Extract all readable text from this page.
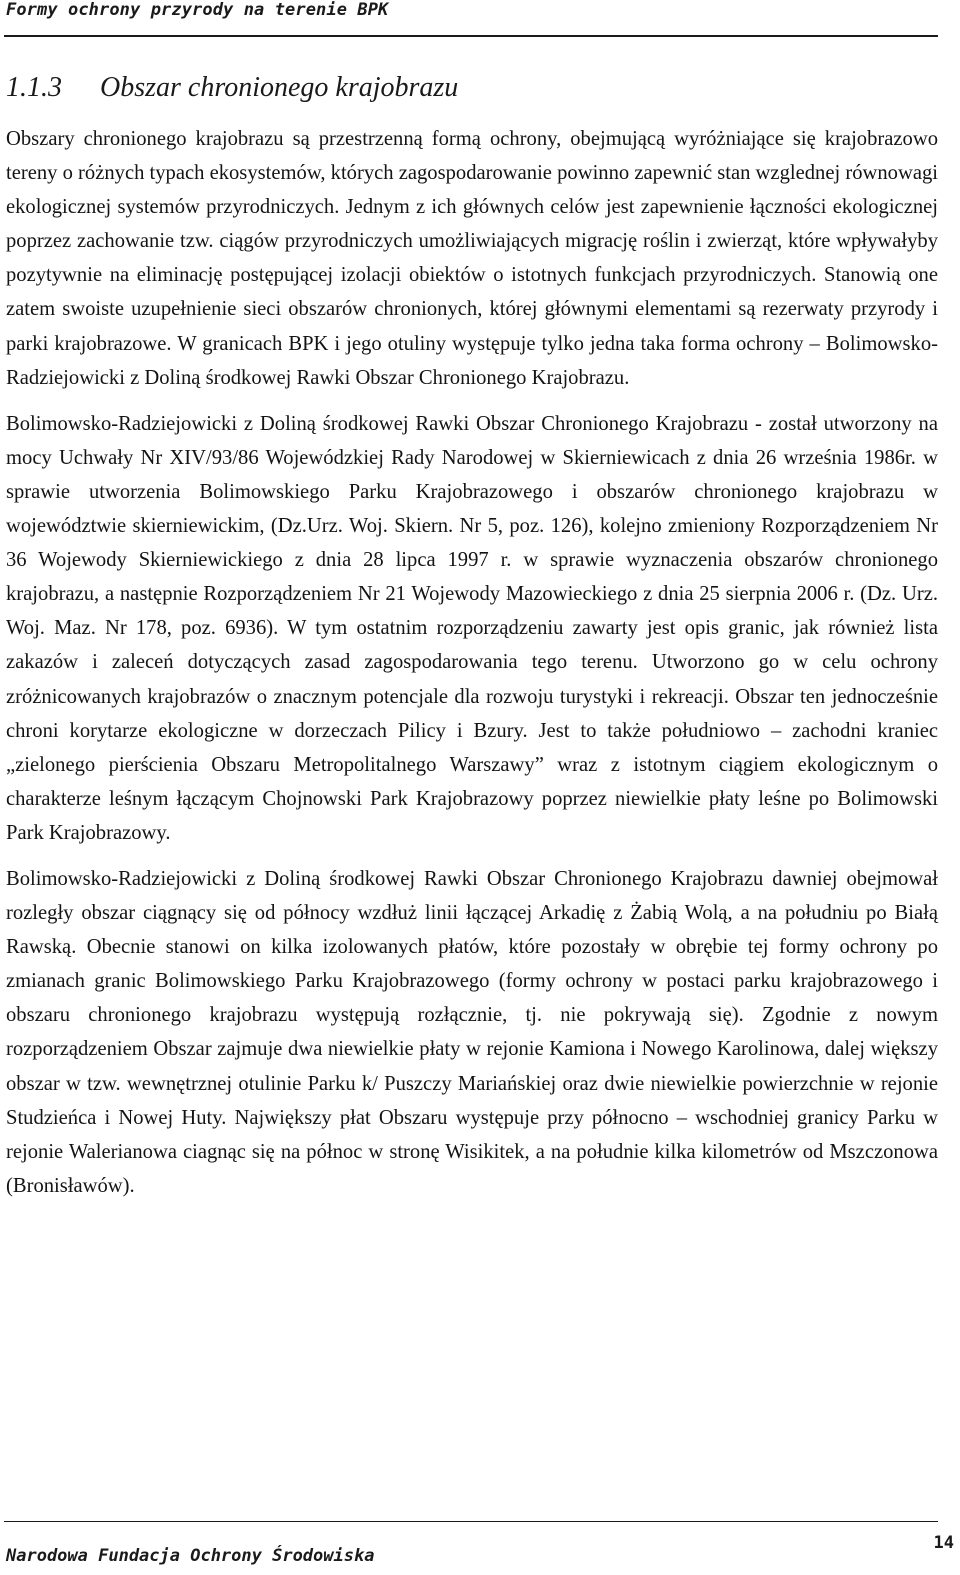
Formy ochrony przyrody na terenie BPK
1.1.3 Obszar chronionego krajobrazu

Obszary chronionego krajobrazu są przestrzenną formą ochrony, obejmującą wyróżniające się krajobrazowo tereny o różnych typach ekosystemów, których zagospodarowanie powinno zapewnić stan wzglednej równowagi ekologicznej systemów przyrodniczych. Jednym z ich głównych celów jest zapewnienie łączności ekologicznej poprzez zachowanie tzw. ciągów przyrodniczych umożliwiających migrację roślin i zwierząt, które wpływałyby pozytywnie na eliminację postępującej izolacji obiektów o istotnych funkcjach przyrodniczych. Stanowią one zatem swoiste uzupełnienie sieci obszarów chronionych, której głównymi elementami są rezerwaty przyrody i parki krajobrazowe. W granicach BPK i jego otuliny występuje tylko jedna taka forma ochrony – Bolimowsko-Radziejowicki z Doliną środkowej Rawki Obszar Chronionego Krajobrazu.

Bolimowsko-Radziejowicki z Doliną środkowej Rawki Obszar Chronionego Krajobrazu - został utworzony na mocy Uchwały Nr XIV/93/86 Wojewódzkiej Rady Narodowej w Skierniewicach z dnia 26 września 1986r. w sprawie utworzenia Bolimowskiego Parku Krajobrazowego i obszarów chronionego krajobrazu w województwie skierniewickim, (Dz.Urz. Woj. Skiern. Nr 5, poz. 126), kolejno zmieniony Rozporządzeniem Nr 36 Wojewody Skierniewickiego z dnia 28 lipca 1997 r. w sprawie wyznaczenia obszarów chronionego krajobrazu, a następnie Rozporządzeniem Nr 21 Wojewody Mazowieckiego z dnia 25 sierpnia 2006 r. (Dz. Urz. Woj. Maz. Nr 178, poz. 6936). W tym ostatnim rozporządzeniu zawarty jest opis granic, jak również lista zakazów i zaleceń dotyczących zasad zagospodarowania tego terenu. Utworzono go w celu ochrony zróżnicowanych krajobrazów o znacznym potencjale dla rozwoju turystyki i rekreacji. Obszar ten jednocześnie chroni korytarze ekologiczne w dorzeczach Pilicy i Bzury. Jest to także południowo – zachodni kraniec „zielonego pierścienia Obszaru Metropolitalnego Warszawy” wraz z istotnym ciągiem ekologicznym o charakterze leśnym łączącym Chojnowski Park Krajobrazowy poprzez niewielkie płaty leśne po Bolimowski Park Krajobrazowy.

Bolimowsko-Radziejowicki z Doliną środkowej Rawki Obszar Chronionego Krajobrazu dawniej obejmował rozległy obszar ciągnący się od północy wzdłuż linii łączącej Arkadię z Żabią Wolą, a na południu po Białą Rawską. Obecnie stanowi on kilka izolowanych płatów, które pozostały w obrębie tej formy ochrony po zmianach granic Bolimowskiego Parku Krajobrazowego (formy ochrony w postaci parku krajobrazowego i obszaru chronionego krajobrazu występują rozłącznie, tj. nie pokrywają się). Zgodnie z nowym rozporządzeniem Obszar zajmuje dwa niewielkie płaty w rejonie Kamiona i Nowego Karolinowa, dalej większy obszar w tzw. wewnętrznej otulinie Parku k/ Puszczy Mariańskiej oraz dwie niewielkie powierzchnie w rejonie Studzieńca i Nowej Huty. Największy płat Obszaru występuje przy północno – wschodniej granicy Parku w rejonie Walerianowa ciagnąc się na północ w stronę Wisikitek, a na południe kilka kilometrów od Mszczonowa (Bronisławów).

14
Narodowa Fundacja Ochrony Środowiska
